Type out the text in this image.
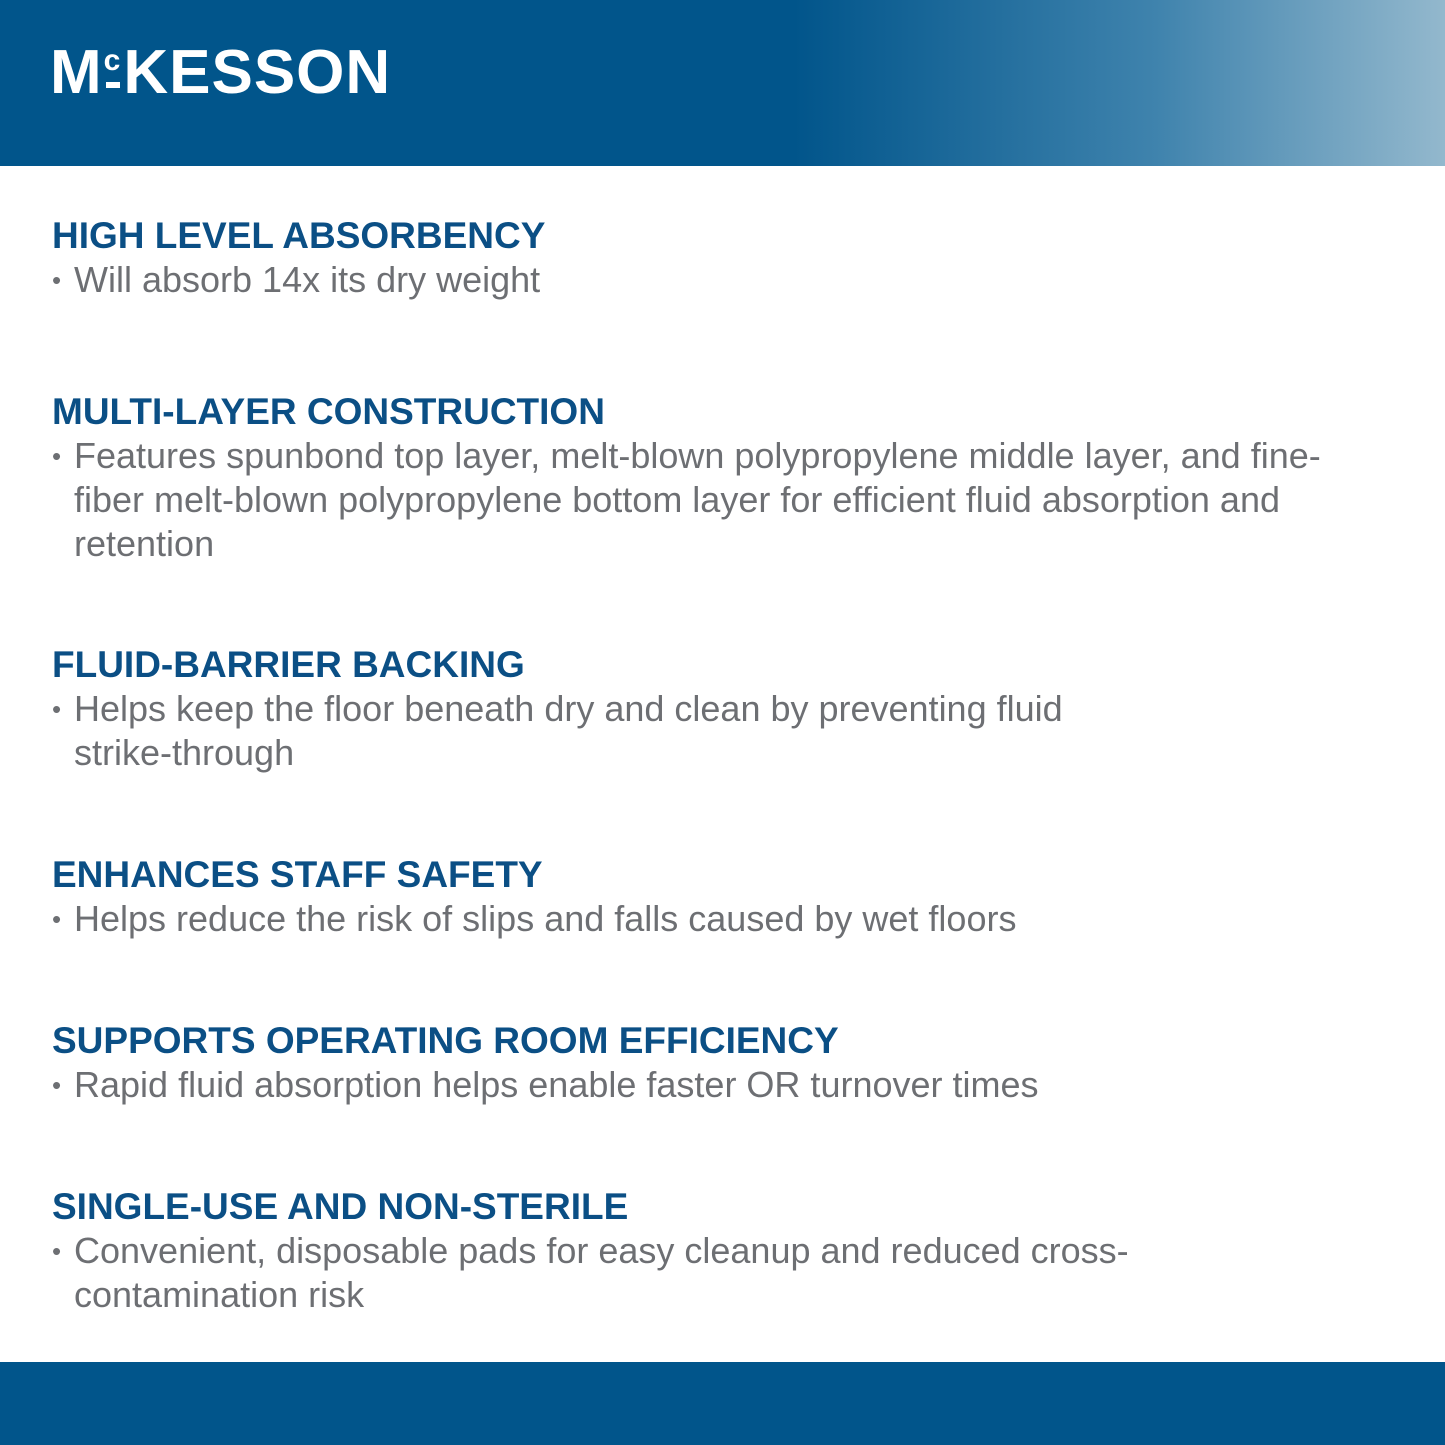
M c KESSON
HIGH LEVEL ABSORBENCY
• Will absorb 14x its dry weight
MULTI-LAYER CONSTRUCTION
• Features spunbond top layer, melt-blown polypropylene middle layer, and fine-fiber melt-blown polypropylene bottom layer for efficient fluid absorption and retention
FLUID-BARRIER BACKING
• Helps keep the floor beneath dry and clean by preventing fluid strike-through
ENHANCES STAFF SAFETY
• Helps reduce the risk of slips and falls caused by wet floors
SUPPORTS OPERATING ROOM EFFICIENCY
• Rapid fluid absorption helps enable faster OR turnover times
SINGLE-USE AND NON-STERILE
• Convenient, disposable pads for easy cleanup and reduced cross-contamination risk
